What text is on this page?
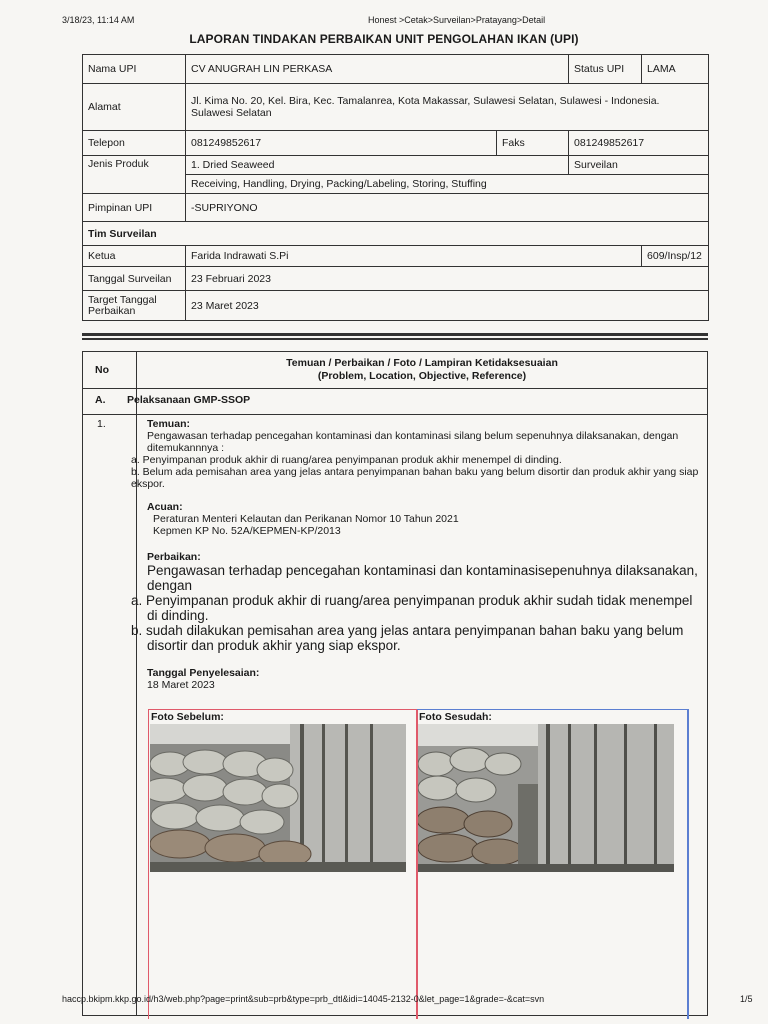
3/18/23, 11:14 AM	Honest >Cetak>Surveilan>Pratayang>Detail
LAPORAN TINDAKAN PERBAIKAN UNIT PENGOLAHAN IKAN (UPI)
Nama UPI	CV ANUGRAH LIN PERKASA		Status UPI	LAMA
Alamat	Jl. Kima No. 20, Kel. Bira, Kec. Tamalanrea, Kota Makassar, Sulawesi Selatan, Sulawesi - Indonesia. Sulawesi Selatan			
Telepon	081249852617	Faks	081249852617	
Jenis Produk	1. Dried Seaweed		Surveilan	
	Receiving, Handling, Drying, Packing/Labeling, Storing, Stuffing			
Pimpinan UPI	-SUPRIYONO			
Tim Surveilan				
Ketua	Farida Indrawati S.Pi			609/Insp/12
Tanggal Surveilan	23 Februari 2023			
Target Tanggal Perbaikan	23 Maret 2023			
No
Temuan / Perbaikan / Foto / Lampiran Ketidaksesuaian
(Problem, Location, Objective, Reference)
A. Pelaksanaan GMP-SSOP
1.	Temuan:
Pengawasan terhadap pencegahan kontaminasi dan kontaminasi silang belum sepenuhnya dilaksanakan, dengan ditemukannnya :
a. Penyimpanan produk akhir di ruang/area penyimpanan produk akhir menempel di dinding.
b. Belum ada pemisahan area yang jelas antara penyimpanan bahan baku yang belum disortir dan produk akhir yang siap ekspor.
Acuan:
Peraturan Menteri Kelautan dan Perikanan Nomor 10 Tahun 2021
Kepmen KP No. 52A/KEPMEN-KP/2013
Perbaikan:
Pengawasan terhadap pencegahan kontaminasi dan kontaminasisepenuhnya dilaksanakan, dengan
a. Penyimpanan produk akhir di ruang/area penyimpanan produk akhir sudah tidak menempel di dinding.
b. sudah dilakukan pemisahan area yang jelas antara penyimpanan bahan baku yang belum disortir dan produk akhir yang siap ekspor.
Tanggal Penyelesaian:
18 Maret 2023
Foto Sebelum:	Foto Sesudah:
haccp.bkipm.kkp.go.id/h3/web.php?page=print&sub=prb&type=prb_dtl&idi=14045-2132-0&let_page=1&grade=-&cat=svn	1/5
